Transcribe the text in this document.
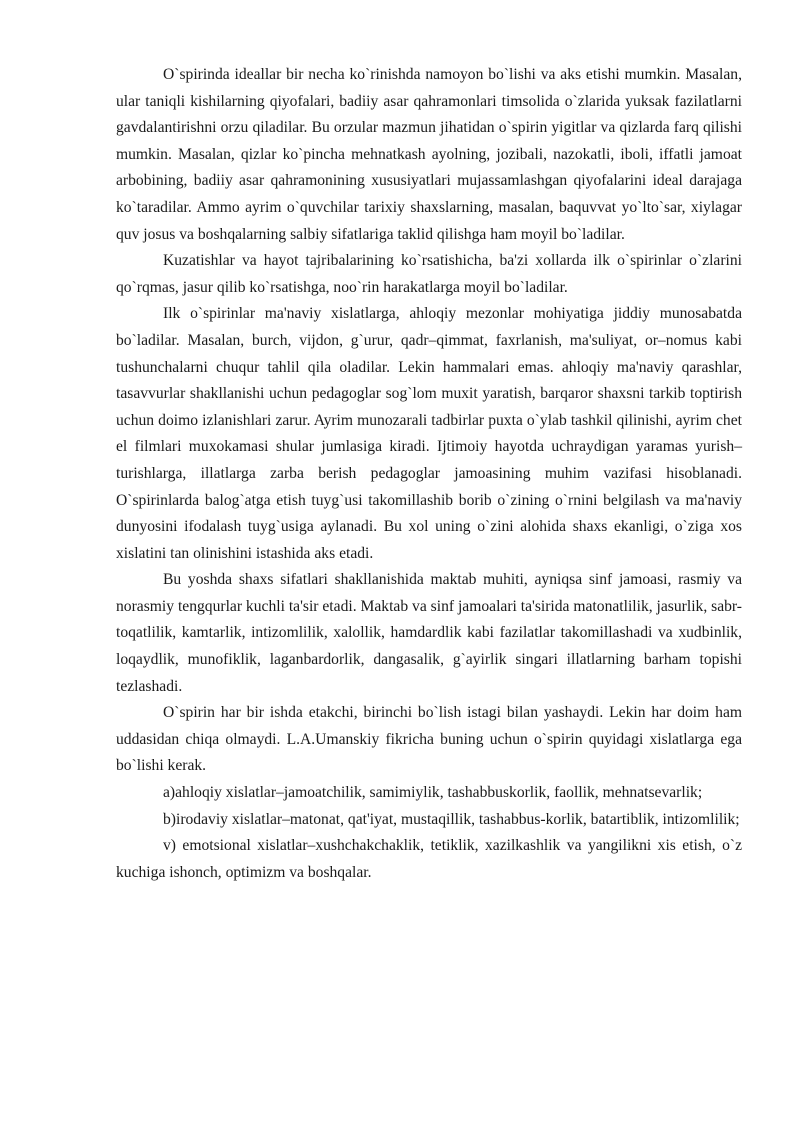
O`spirinda ideallar bir necha ko`rinishda namoyon bo`lishi va aks etishi mumkin. Masalan, ular taniqli kishilarning qiyofalari, badiiy asar qahramonlari timsolida o`zlarida yuksak fazilatlarni gavdalantirishni orzu qiladilar. Bu orzular mazmun jihatidan o`spirin yigitlar va qizlarda farq qilishi mumkin. Masalan, qizlar ko`pincha mehnatkash ayolning, jozibali, nazokatli, iboli, iffatli jamoat arbobining, badiiy asar qahramonining xususiyatlari mujassamlashgan qiyofalarini ideal darajaga ko`taradilar. Ammo ayrim o`quvchilar tarixiy shaxslarning, masalan, baquvvat yo`lto`sar, xiylagar quv josus va boshqalarning salbiy sifatlariga taklid qilishga ham moyil bo`ladilar.

Kuzatishlar va hayot tajribalarining ko`rsatishicha, ba'zi xollarda ilk o`spirinlar o`zlarini qo`rqmas, jasur qilib ko`rsatishga, noo`rin harakatlarga moyil bo`ladilar.

Ilk o`spirinlar ma'naviy xislatlarga, ahloqiy mezonlar mohiyatiga jiddiy munosabatda bo`ladilar. Masalan, burch, vijdon, g`urur, qadr–qimmat, faxrlanish, ma'suliyat, or–nomus kabi tushunchalarni chuqur tahlil qila oladilar. Lekin hammalari emas. ahloqiy ma'naviy qarashlar, tasavvurlar shakllanishi uchun pedagoglar sog`lom muxit yaratish, barqaror shaxsni tarkib toptirish uchun doimo izlanishlari zarur. Ayrim munozarali tadbirlar puxta o`ylab tashkil qilinishi, ayrim chet el filmlari muxokamasi shular jumlasiga kiradi. Ijtimoiy hayotda uchraydigan yaramas yurish–turishlarga, illatlarga zarba berish pedagoglar jamoasining muhim vazifasi hisoblanadi. O`spirinlarda balog`atga etish tuyg`usi takomillashib borib o`zining o`rnini belgilash va ma'naviy dunyosini ifodalash tuyg`usiga aylanadi. Bu xol uning o`zini alohida shaxs ekanligi, o`ziga xos xislatini tan olinishini istashida aks etadi.

Bu yoshda shaxs sifatlari shakllanishida maktab muhiti, ayniqsa sinf jamoasi, rasmiy va norasmiy tengqurlar kuchli ta'sir etadi. Maktab va sinf jamoalari ta'sirida matonatlilik, jasurlik, sabr-toqatlilik, kamtarlik, intizomlilik, xalollik, hamdardlik kabi fazilatlar takomillashadi va xudbinlik, loqaydlik, munofiklik, laganbardorlik, dangasalik, g`ayirlik singari illatlarning barham topishi tezlashadi.

O`spirin har bir ishda etakchi, birinchi bo`lish istagi bilan yashaydi. Lekin har doim ham uddasidan chiqa olmaydi. L.A.Umanskiy fikricha buning uchun o`spirin quyidagi xislatlarga ega bo`lishi kerak.

a)ahloqiy xislatlar–jamoatchilik, samimiylik, tashabbuskorlik, faollik, mehnatsevarlik;

b)irodaviy xislatlar–matonat, qat'iyat, mustaqillik, tashabbus-korlik, batartiblik, intizomlilik;

v) emotsional xislatlar–xushchakchaklik, tetiklik, xazilkashlik va yangilikni xis etish, o`z kuchiga ishonch, optimizm va boshqalar.
